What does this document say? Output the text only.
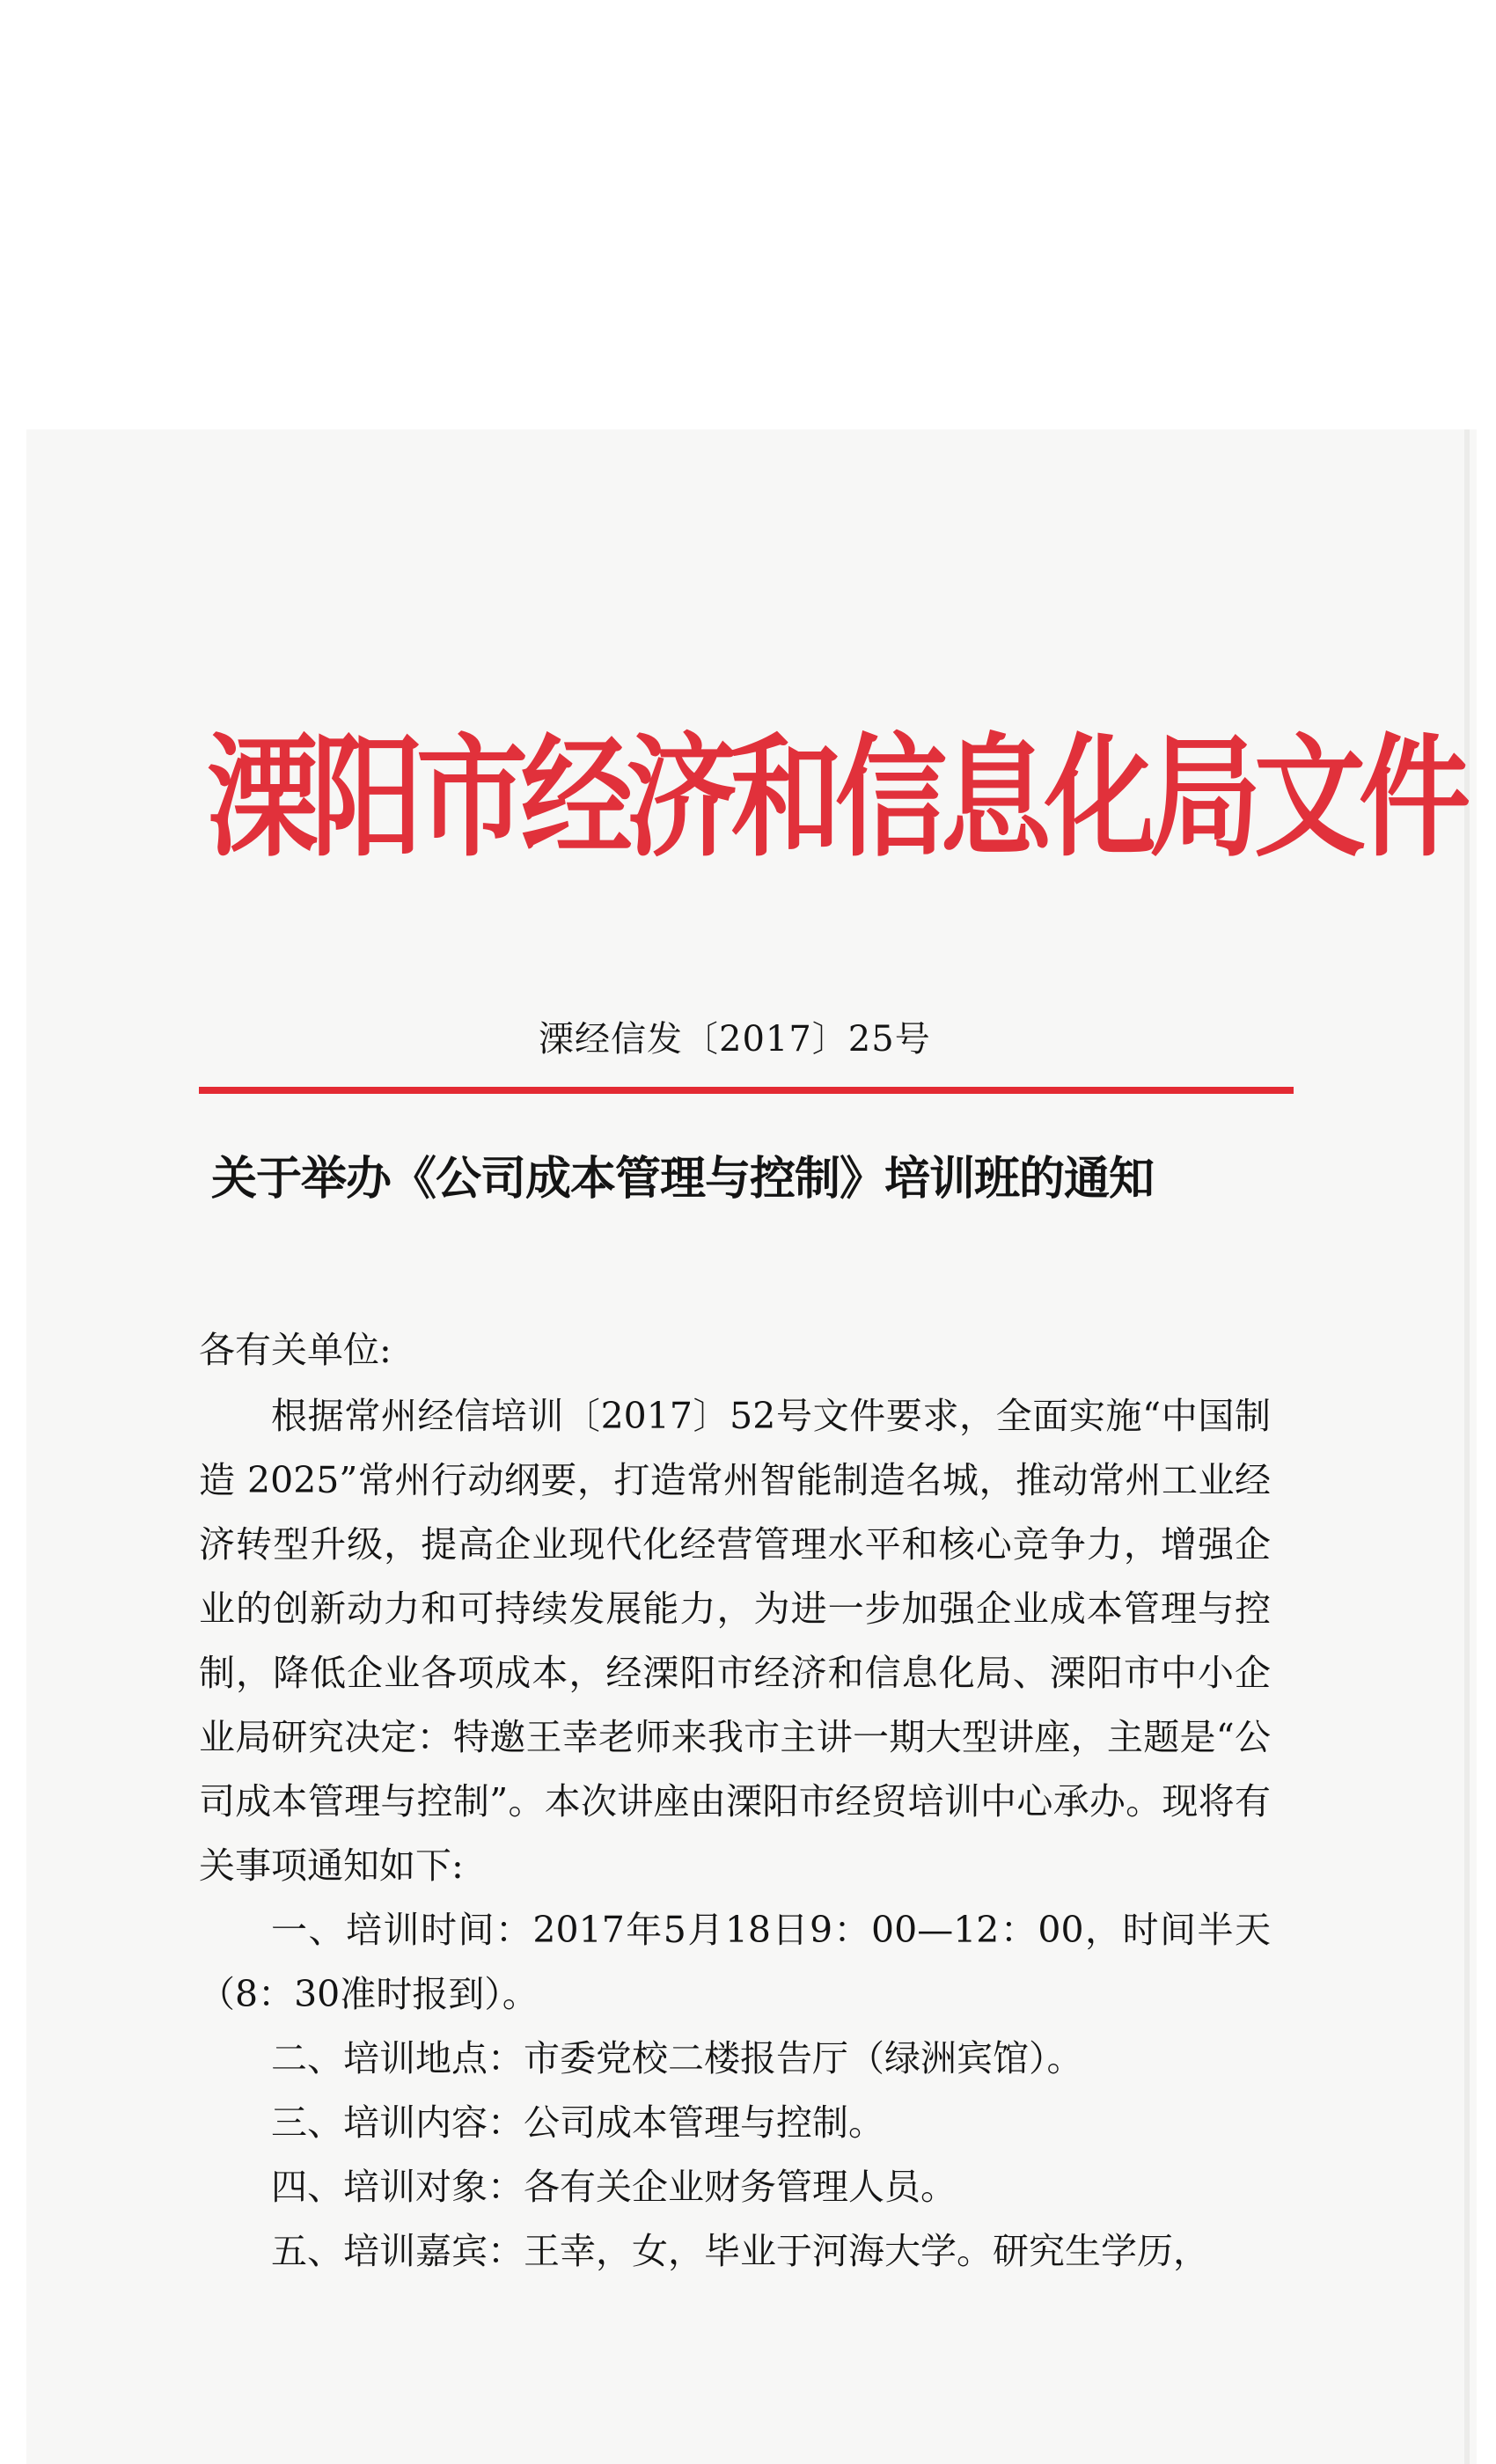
溧阳市经济和信息化局文件
溧经信发〔2017〕25号
关于举办《公司成本管理与控制》培训班的通知
各有关单位:

根据常州经信培训〔2017〕52号文件要求，全面实施“中国制造 2025”常州行动纲要，打造常州智能制造名城，推动常州工业经济转型升级，提高企业现代化经营管理水平和核心竞争力，增强企业的创新动力和可持续发展能力，为进一步加强企业成本管理与控制，降低企业各项成本，经溧阳市经济和信息化局、溧阳市中小企业局研究决定：特邀王幸老师来我市主讲一期大型讲座，主题是“公司成本管理与控制”。本次讲座由溧阳市经贸培训中心承办。现将有关事项通知如下:

一、培训时间：2017年5月18日9：00—12：00，时间半天（8：30准时报到）。

二、培训地点：市委党校二楼报告厅（绿洲宾馆）。

三、培训内容：公司成本管理与控制。

四、培训对象：各有关企业财务管理人员。

五、培训嘉宾：王幸，女，毕业于河海大学。研究生学历，
